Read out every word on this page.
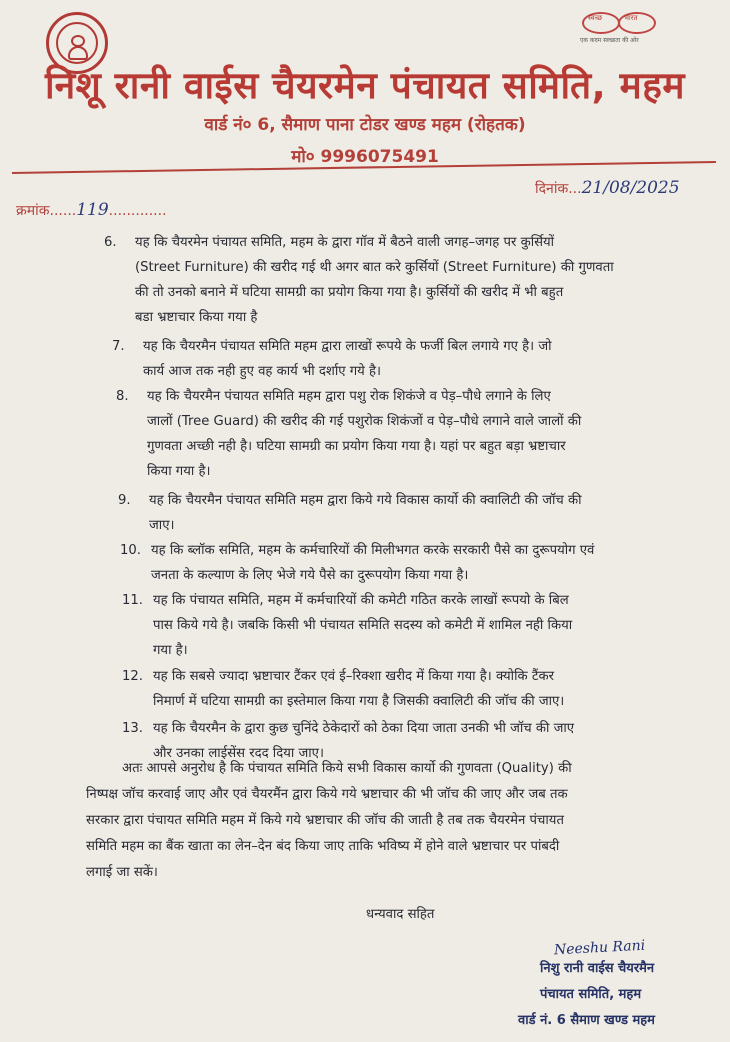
स्वच्छ	भारत
एक कदम स्वच्छता की ओर
निशू रानी वाईस चैयरमेन पंचायत समिति, महम
वार्ड नं० 6, सैमाण पाना टोडर खण्ड महम (रोहतक)
मो० 9996075491
क्रमांक......119.............
दिनांक...21/08/2025
6.	यह कि चैयरमेन पंचायत समिति, महम के द्वारा गॉव में बैठने वाली जगह–जगह पर कुर्सियों
(Street Furniture) की खरीद गई थी अगर बात करे कुर्सियों (Street Furniture) की गुणवता
की तो उनको बनाने में घटिया सामग्री का प्रयोग किया गया है। कुर्सियों की खरीद में भी बहुत
बडा भ्रष्टाचार किया गया है
7.	यह कि चैयरमैन पंचायत समिति महम द्वारा लाखों रूपये के फर्जी बिल लगाये गए है। जो
कार्य आज तक नही हुए वह कार्य भी दर्शाए गये है।
8.	यह कि चैयरमैन पंचायत समिति महम द्वारा पशु रोक शिकंजे व पेड़–पौधे लगाने के लिए
जालों (Tree Guard) की खरीद की गई पशुरोक शिकंजों व पेड़–पौधे लगाने वाले जालों की
गुणवता अच्छी नही है। घटिया सामग्री का प्रयोग किया गया है। यहां पर बहुत बड़ा भ्रष्टाचार
किया गया है।
9.	यह कि चैयरमैन पंचायत समिति महम द्वारा किये गये विकास कार्यो की क्वालिटी की जॉच की
जाए।
10. यह कि ब्लॉक समिति, महम के कर्मचारियों की मिलीभगत करके सरकारी पैसे का दुरूपयोग एवं
जनता के कल्याण के लिए भेजे गये पैसे का दुरूपयोग किया गया है।
11. यह कि पंचायत समिति, महम में कर्मचारियों की कमेटी गठित करके लाखों रूपयो के बिल
पास किये गये है। जबकि किसी भी पंचायत समिति सदस्य को कमेटी में शामिल नही किया
गया है।
12. यह कि सबसे ज्यादा भ्रष्टाचार टैंकर एवं ई–रिक्शा खरीद में किया गया है। क्योकि टैंकर
निमार्ण में घटिया सामग्री का इस्तेमाल किया गया है जिसकी क्वालिटी की जॉच की जाए।
13. यह कि चैयरमैन के द्वारा कुछ चुनिंदे ठेकेदारों को ठेका दिया जाता उनकी भी जॉच की जाए
और उनका लाईसेंस रदद दिया जाए।
अतः आपसे अनुरोध है कि पंचायत समिति किये सभी विकास कार्यो की गुणवता (Quality) की
निष्पक्ष जॉच करवाई जाए और एवं चैयरमैंन द्वारा किये गये भ्रष्टाचार की भी जॉच की जाए और जब तक
सरकार द्वारा पंचायत समिति महम में किये गये भ्रष्टाचार की जॉच की जाती है तब तक चैयरमेन पंचायत
समिति महम का बैंक खाता का लेन–देन बंद किया जाए ताकि भविष्य में होने वाले भ्रष्टाचार पर पांबदी
लगाई जा सकें।
धन्यवाद सहित
Neeshu Rani
निशु रानी वाईस चैयरमैन
पंचायत समिति, महम
वार्ड नं. 6 सैमाण खण्ड महम
